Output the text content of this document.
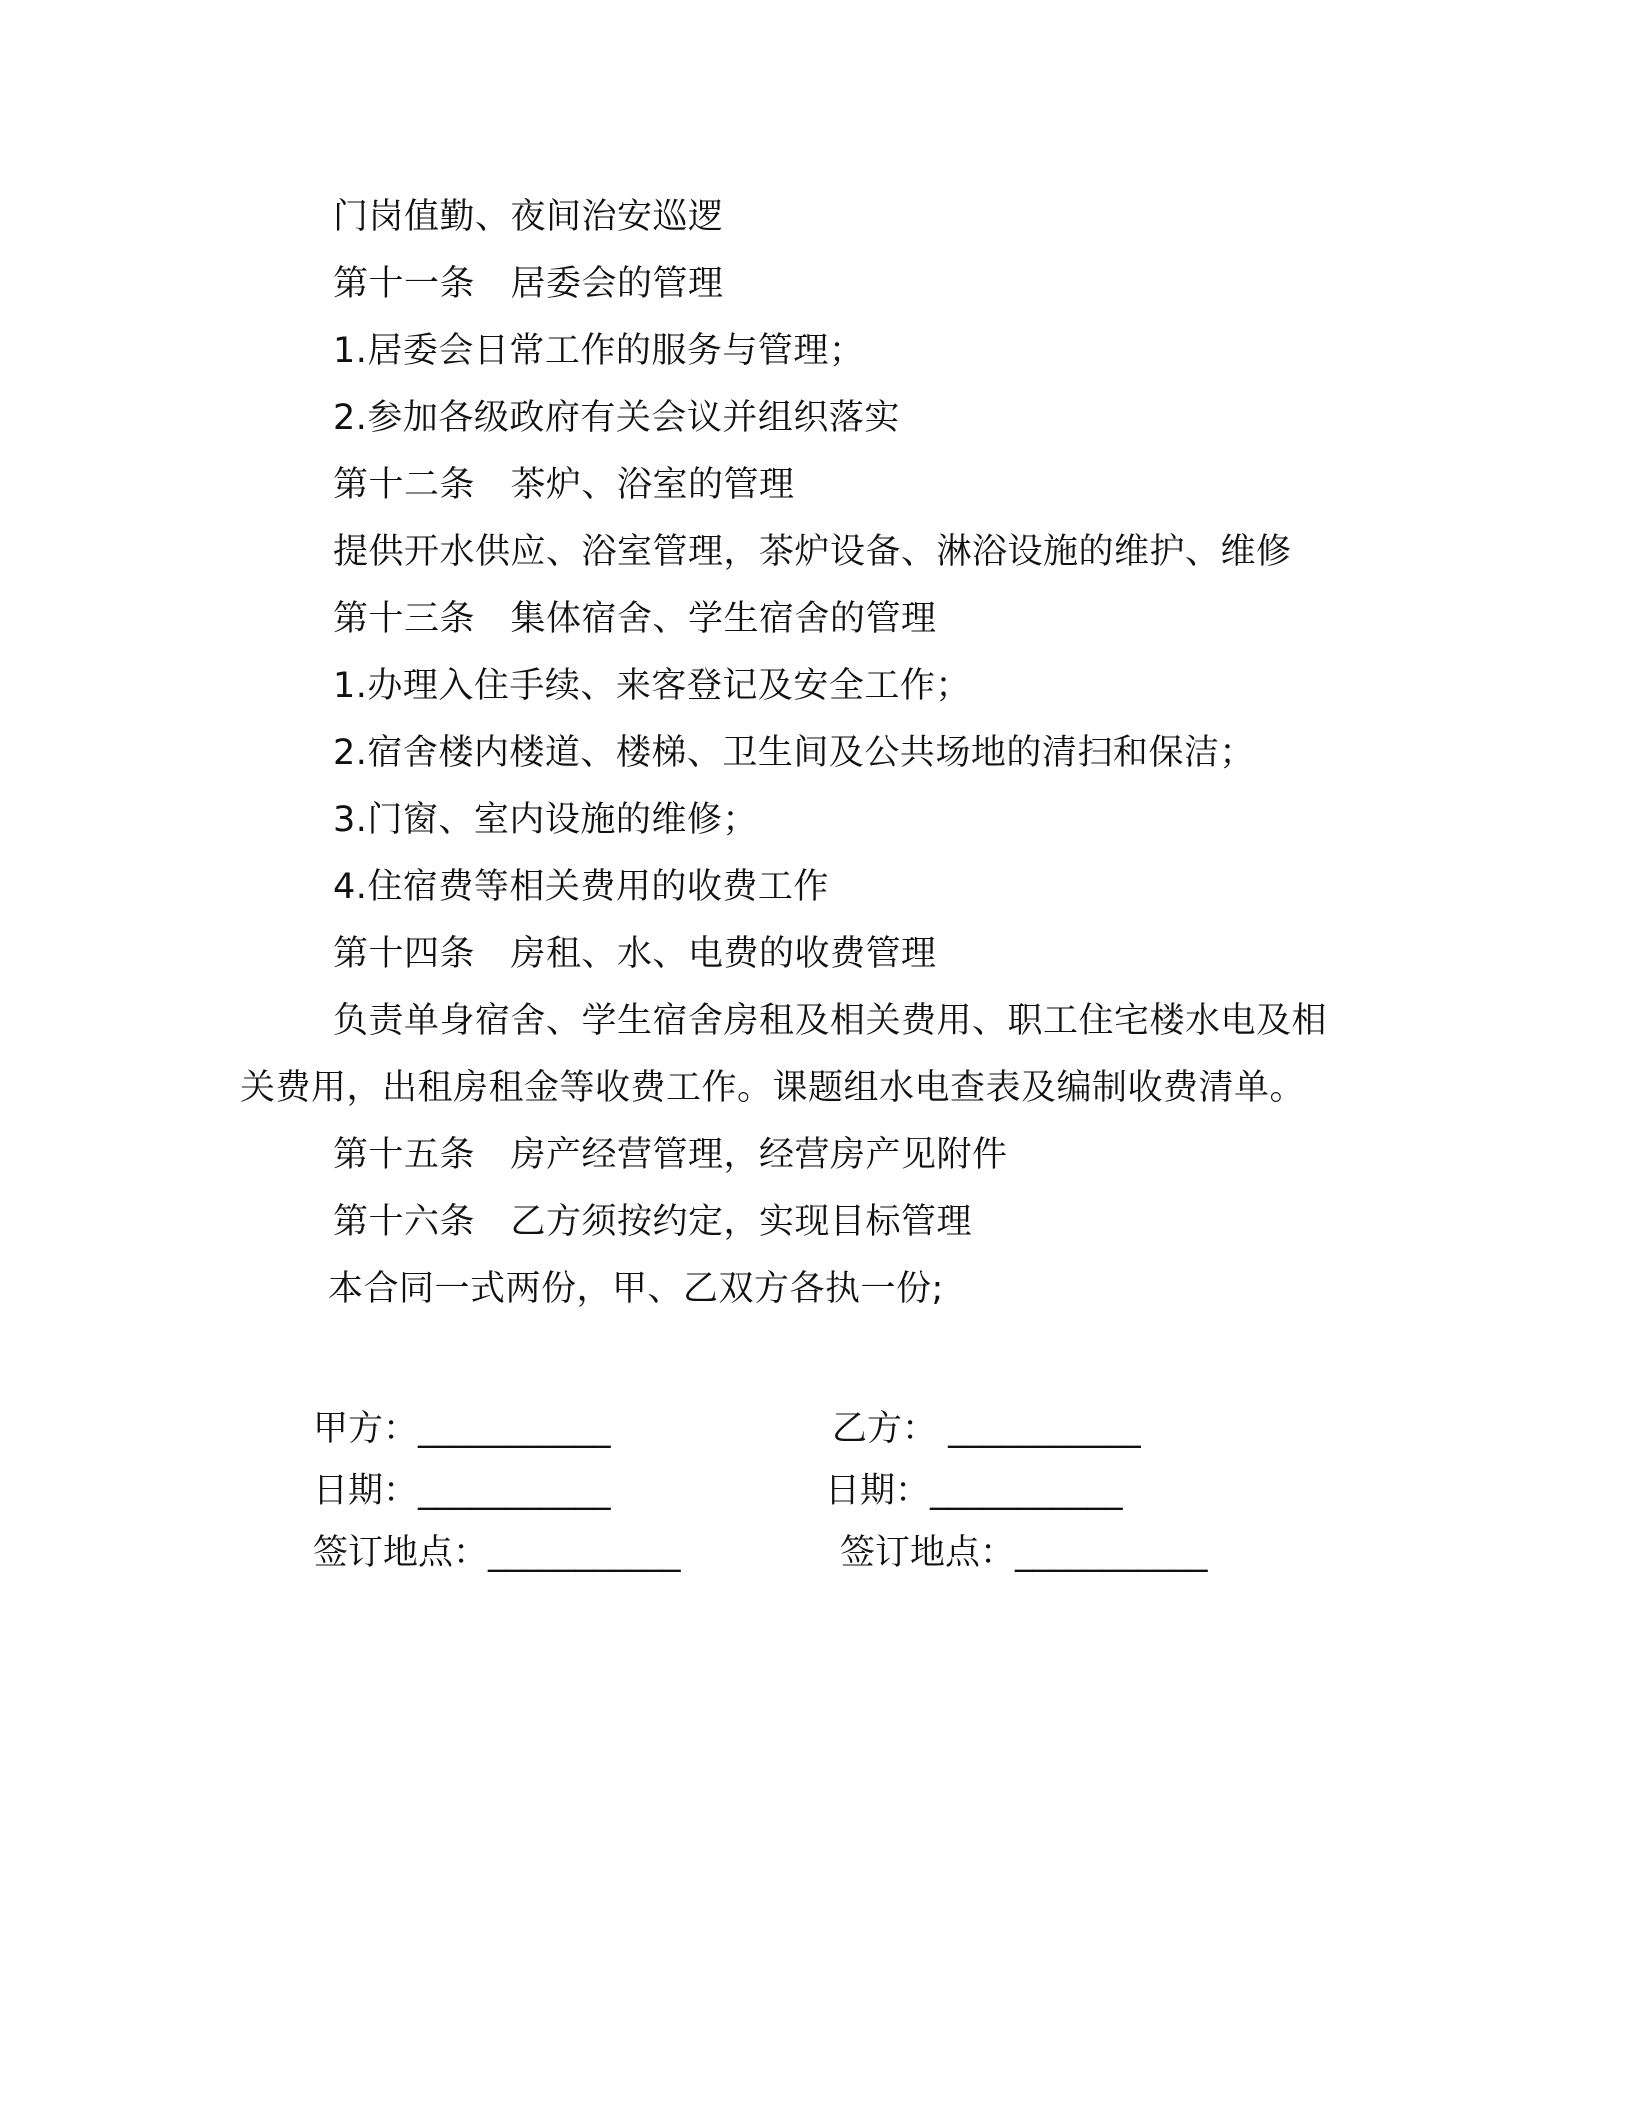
门岗值勤、夜间治安巡逻
第十一条　居委会的管理
1.居委会日常工作的服务与管理；
2.参加各级政府有关会议并组织落实
第十二条　茶炉、浴室的管理
提供开水供应、浴室管理，茶炉设备、淋浴设施的维护、维修
第十三条　集体宿舍、学生宿舍的管理
1.办理入住手续、来客登记及安全工作；
2.宿舍楼内楼道、楼梯、卫生间及公共场地的清扫和保洁；
3.门窗、室内设施的维修；
4.住宿费等相关费用的收费工作
第十四条　房租、水、电费的收费管理
负责单身宿舍、学生宿舍房租及相关费用、职工住宅楼水电及相
关费用，出租房租金等收费工作。课题组水电查表及编制收费清单。
第十五条　房产经营管理，经营房产见附件
第十六条　乙方须按约定，实现目标管理
本合同一式两份，甲、乙双方各执一份;
甲方：___________	乙方： ___________
日期：___________	日期：___________
签订地点：___________	签订地点：___________
